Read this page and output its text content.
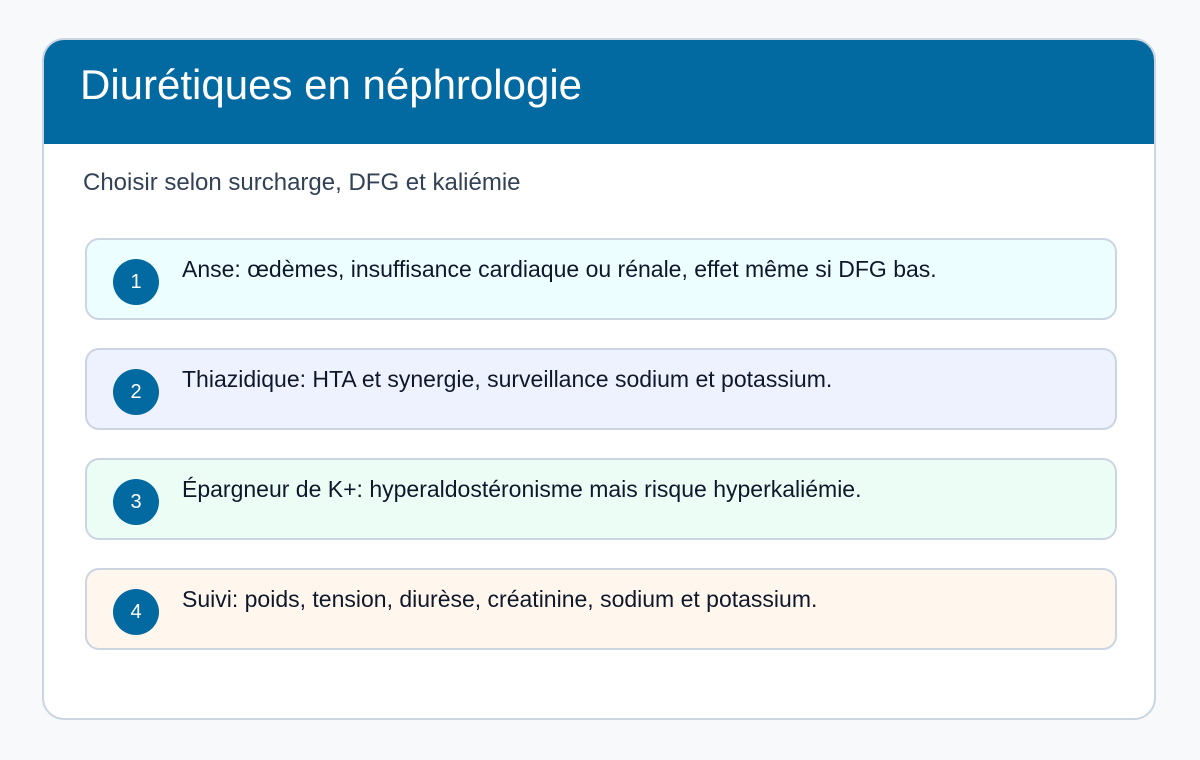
Diurétiques en néphrologie

Choisir selon surcharge, DFG et kaliémie

1	Anse: œdèmes, insuffisance cardiaque ou rénale, effet même si DFG bas.
2	Thiazidique: HTA et synergie, surveillance sodium et potassium.
3	Épargneur de K+: hyperaldostéronisme mais risque hyperkaliémie.
4	Suivi: poids, tension, diurèse, créatinine, sodium et potassium.
